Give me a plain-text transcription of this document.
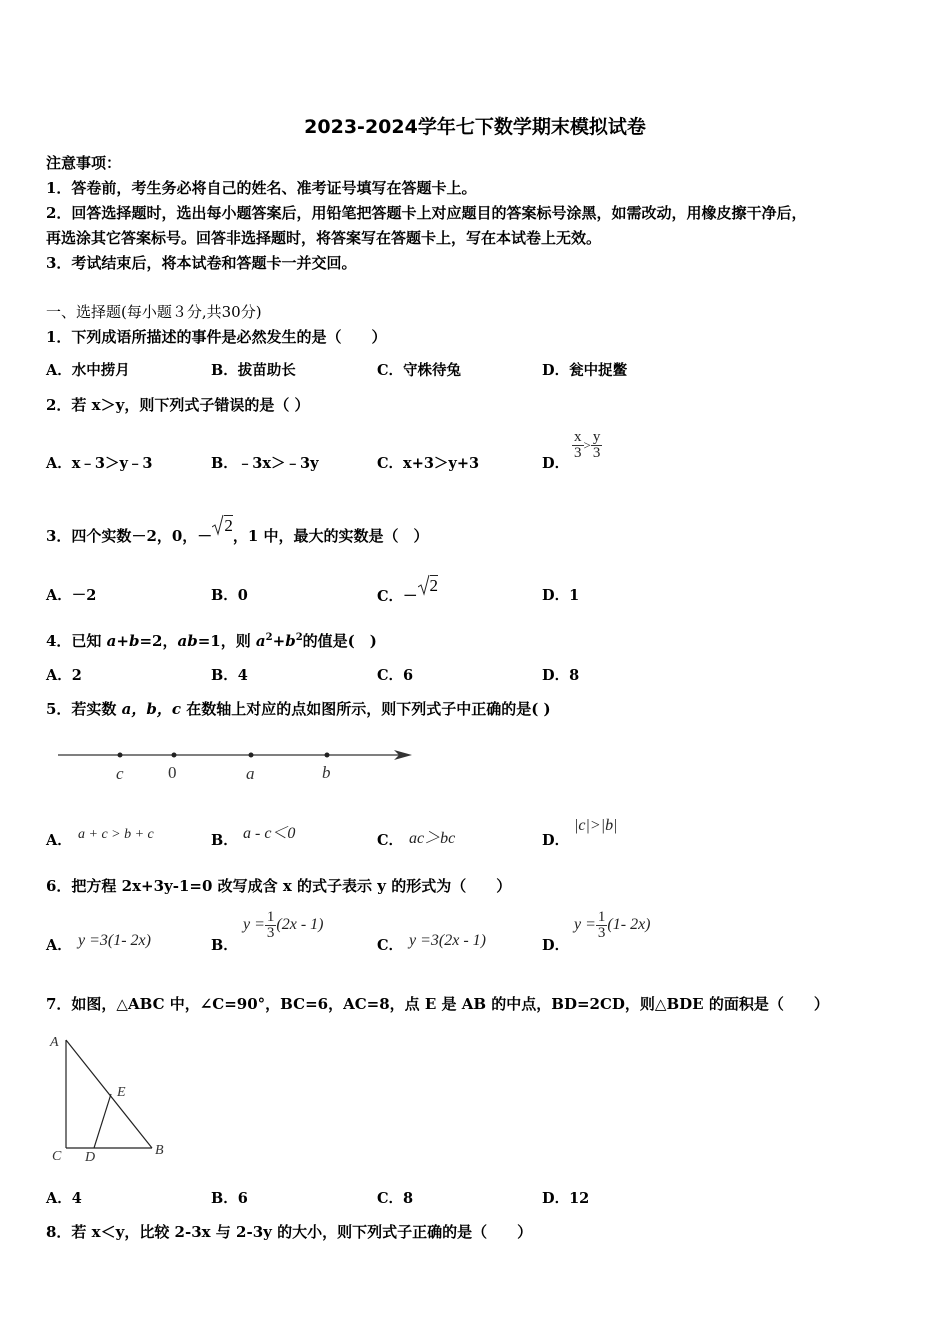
2023-2024学年七下数学期末模拟试卷
注意事项：
1．答卷前，考生务必将自己的姓名、准考证号填写在答题卡上。
2．回答选择题时，选出每小题答案后，用铅笔把答题卡上对应题目的答案标号涂黑，如需改动，用橡皮擦干净后，
再选涂其它答案标号。回答非选择题时，将答案写在答题卡上，写在本试卷上无效。
3．考试结束后，将本试卷和答题卡一并交回。
一、选择题(每小题３分,共30分)
1．下列成语所描述的事件是必然发生的是（　　）
A．水中捞月	B．拔苗助长	C．守株待兔	D．瓮中捉鳖
2．若 x＞y，则下列式子错误的是（ ）
A．x﹣3＞y﹣3	B．﹣3x＞﹣3y	C．x+3＞y+3	D．
$\frac{x}{3} > \frac{y}{3}$
3．四个实数－2，0，－2，1 中，最大的实数是（　）
A．－2	B．0	C．－2
D．1
4．已知 a+b=2，ab=1，则 $a^2+b^2$的值是(　)
A．2	B．4	C．6	D．8
5．若实数 a，b，c 在数轴上对应的点如图所示，则下列式子中正确的是( )
c	0	a	b
A． a + c > b + c	B． a - c＜0	C． ac＞bc	D．
|c|>|b|
6．把方程 2x+3y-1=0 改写成含 x 的式子表示 y 的形式为（　　）
A． y =3(1- 2x)	B．
$y = \frac{1}{3} (2x - 1)$
C． y =3(2x - 1)	D．
$y = \frac{1}{3} (1-$ 2x)
7．如图，△ABC 中，∠C=90°，BC=6，AC=8，点 E 是 AB 的中点，BD=2CD，则△BDE 的面积是（　　）
A
E
C D	B
A．4	B．6	C．8	D．12
8．若 x＜y，比较 2-3x 与 2-3y 的大小，则下列式子正确的是（　　）
